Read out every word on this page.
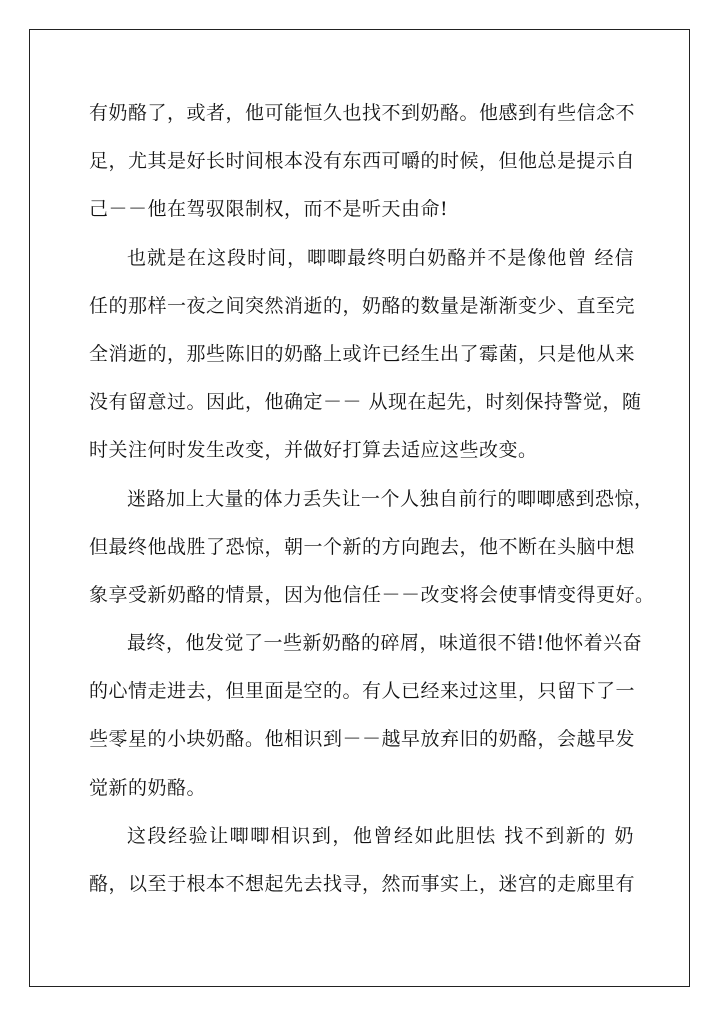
有奶酪了，或者，他可能恒久也找不到奶酪。他感到有些信念不
足，尤其是好长时间根本没有东西可嚼的时候，但他总是提示自
己－－他在驾驭限制权，而不是听天由命!
也就是在这段时间，唧唧最终明白奶酪并不是像他曾 经信
任的那样一夜之间突然消逝的，奶酪的数量是渐渐变少、直至完
全消逝的，那些陈旧的奶酪上或许已经生出了霉菌，只是他从来
没有留意过。因此，他确定－－ 从现在起先，时刻保持警觉，随
时关注何时发生改变，并做好打算去适应这些改变。
迷路加上大量的体力丢失让一个人独自前行的唧唧感到恐惊，
但最终他战胜了恐惊，朝一个新的方向跑去，他不断在头脑中想
象享受新奶酪的情景，因为他信任－－改变将会使事情变得更好。
最终，他发觉了一些新奶酪的碎屑，味道很不错!他怀着兴奋
的心情走进去，但里面是空的。有人已经来过这里，只留下了一
些零星的小块奶酪。他相识到－－越早放弃旧的奶酪，会越早发
觉新的奶酪。
这段经验让唧唧相识到，他曾经如此胆怯 找不到新的 奶
酪，以至于根本不想起先去找寻，然而事实上，迷宫的走廊里有
